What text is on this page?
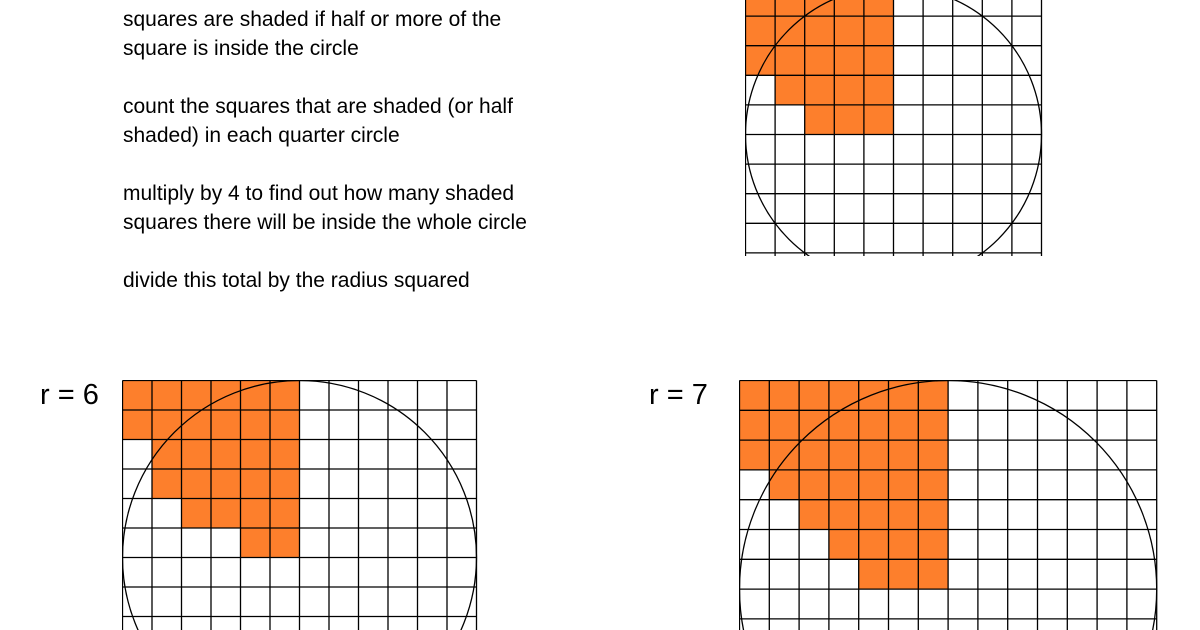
squares are shaded if half or more of the square is inside the circle

count the squares that are shaded (or half shaded) in each quarter circle

multiply by 4 to find out how many shaded squares there will be inside the whole circle

divide this total by the radius squared

r = 6	r = 7
